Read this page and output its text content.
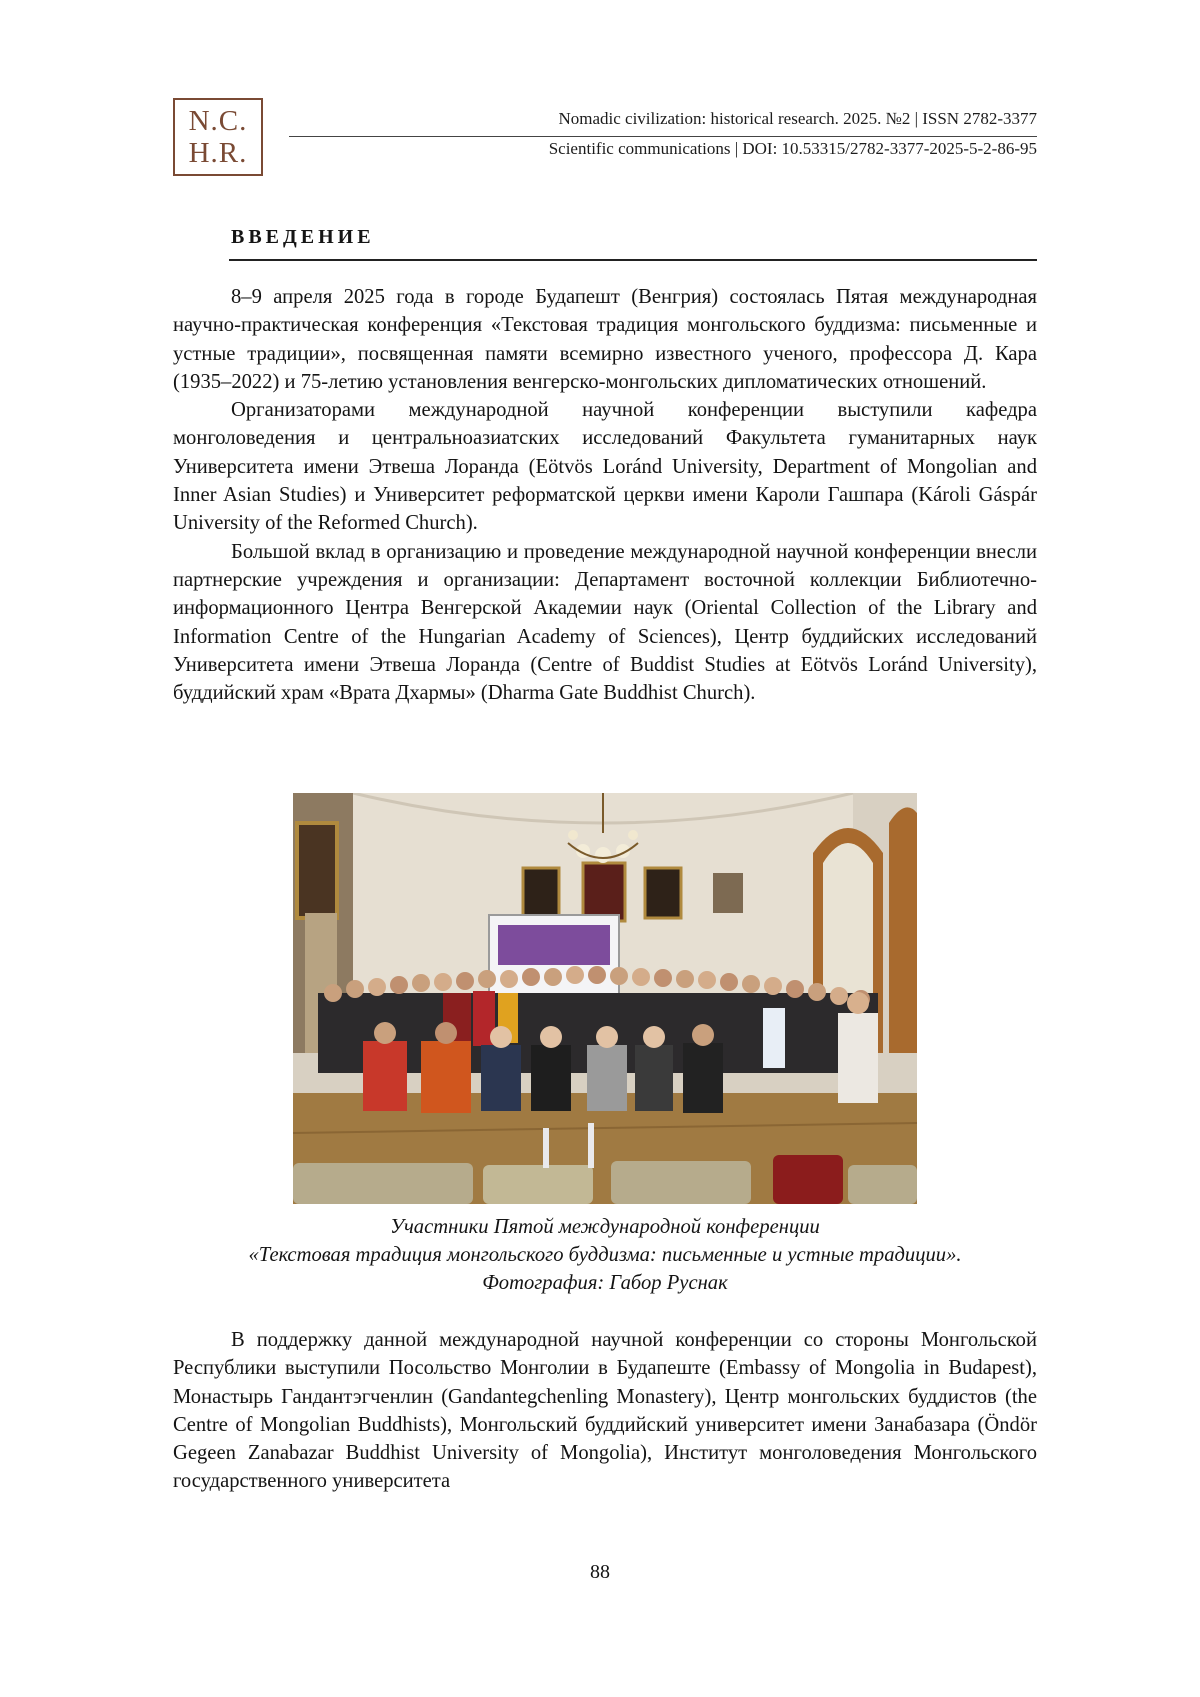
N.C.
H.R.
Nomadic civilization: historical research. 2025. №2 | ISSN 2782-3377
Scientific communications | DOI: 10.53315/2782-3377-2025-5-2-86-95
ВВЕДЕНИЕ

8–9 апреля 2025 года в городе Будапешт (Венгрия) состоялась Пятая международная научно-практическая конференция «Текстовая традиция монгольского буддизма: письменные и устные традиции», посвященная памяти всемирно известного ученого, профессора Д. Кара (1935–2022) и 75-летию установления венгерско-монгольских дипломатических отношений.

Организаторами международной научной конференции выступили кафедра монголоведения и центральноазиатских исследований Факультета гуманитарных наук Университета имени Этвеша Лоранда (Eötvös Loránd University, Department of Mongolian and Inner Asian Studies) и Университет реформатской церкви имени Кароли Гашпара (Károli Gáspár University of the Reformed Church).

Большой вклад в организацию и проведение международной научной конференции внесли партнерские учреждения и организации: Департамент восточной коллекции Библиотечно-информационного Центра Венгерской Академии наук (Oriental Collection of the Library and Information Centre of the Hungarian Academy of Sciences), Центр буддийских исследований Университета имени Этвеша Лоранда (Centre of Buddist Studies at Eötvös Loránd University), буддийский храм «Врата Дхармы» (Dharma Gate Buddhist Church).

Участники Пятой международной конференции
«Текстовая традиция монгольского буддизма: письменные и устные традиции».
Фотография: Габор Руснак

В поддержку данной международной научной конференции со стороны Монгольской Республики выступили Посольство Монголии в Будапеште (Embassy of Mongolia in Budapest), Монастырь Гандантэгченлин (Gandantegchenling Monastery), Центр монгольских буддистов (the Centre of Mongolian Buddhists), Монгольский буддийский университет имени Занабазара (Öndör Gegeen Zanabazar Buddhist University of Mongolia), Институт монголоведения Монгольского государственного университета

88
